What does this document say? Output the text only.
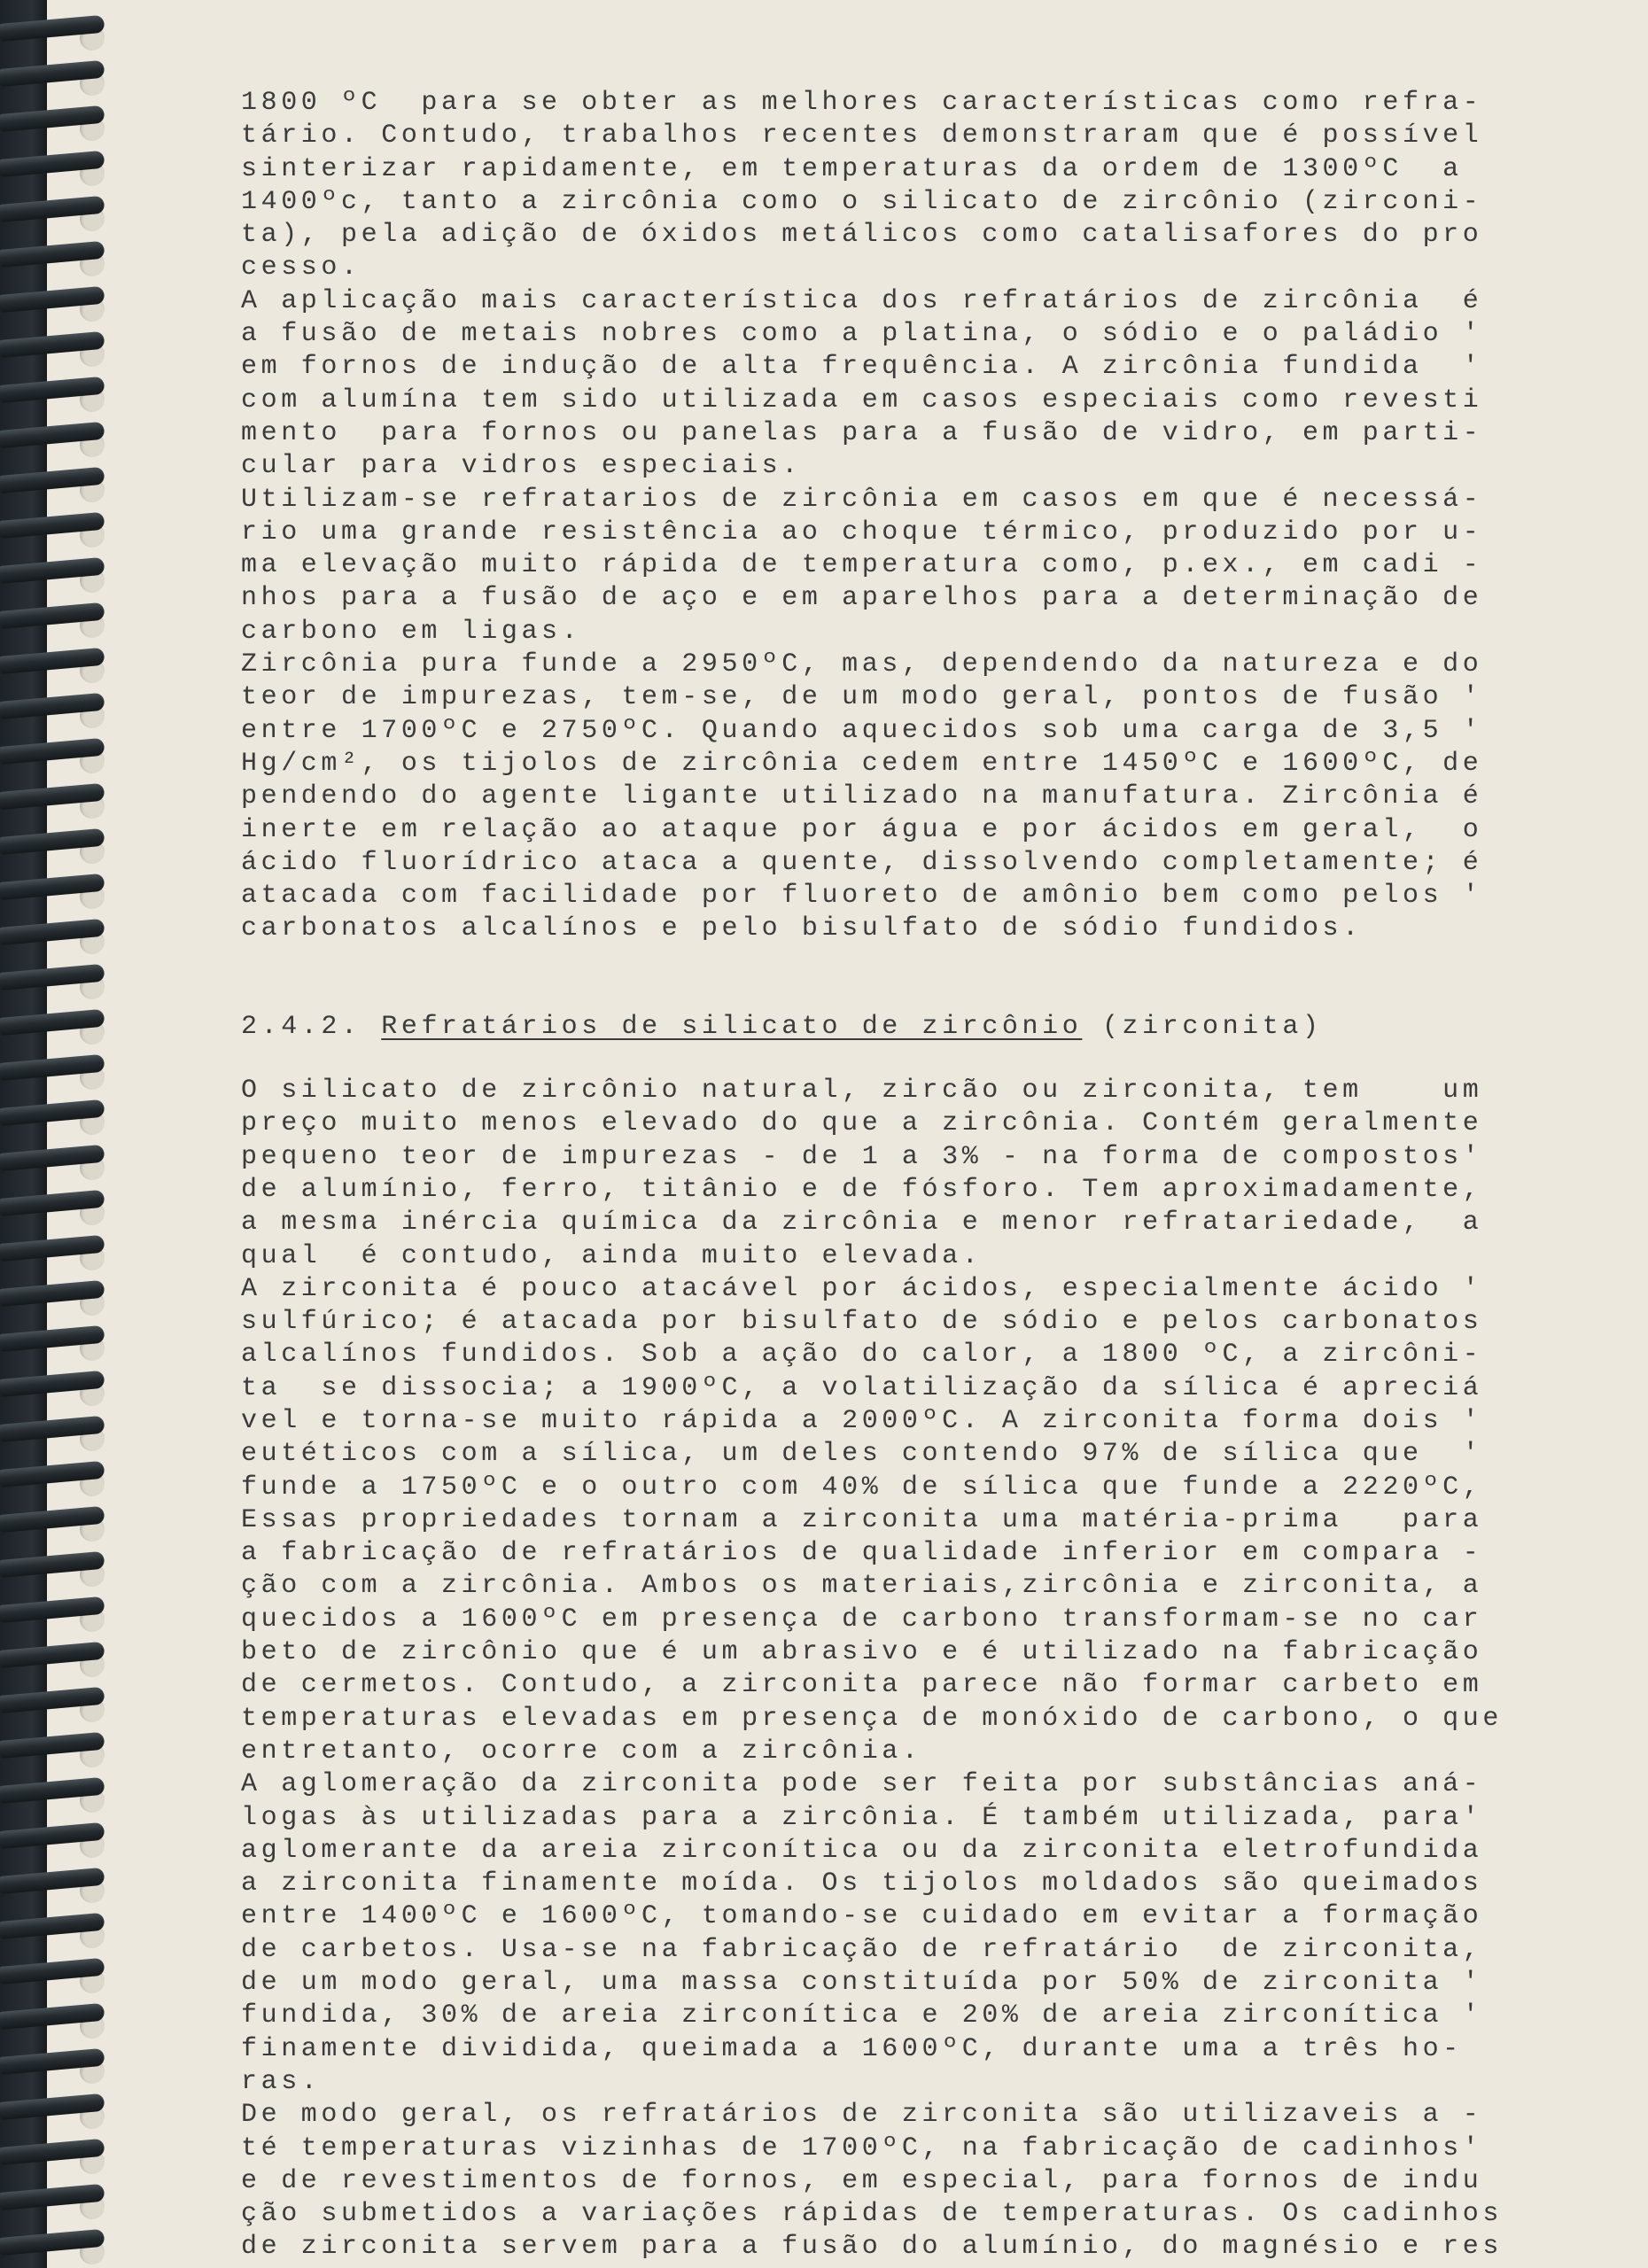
1800 ºC  para se obter as melhores características como refra-
tário. Contudo, trabalhos recentes demonstraram que é possível
sinterizar rapidamente, em temperaturas da ordem de 1300ºC  a
1400ºc, tanto a zircônia como o silicato de zircônio (zirconi-
ta), pela adição de óxidos metálicos como catalisafores do pro
cesso.
A aplicação mais característica dos refratários de zircônia  é
a fusão de metais nobres como a platina, o sódio e o paládio '
em fornos de indução de alta frequência. A zircônia fundida  '
com alumína tem sido utilizada em casos especiais como revesti
mento  para fornos ou panelas para a fusão de vidro, em parti-
cular para vidros especiais.
Utilizam-se refratarios de zircônia em casos em que é necessá-
rio uma grande resistência ao choque térmico, produzido por u-
ma elevação muito rápida de temperatura como, p.ex., em cadi -
nhos para a fusão de aço e em aparelhos para a determinação de
carbono em ligas.
Zircônia pura funde a 2950ºC, mas, dependendo da natureza e do
teor de impurezas, tem-se, de um modo geral, pontos de fusão '
entre 1700ºC e 2750ºC. Quando aquecidos sob uma carga de 3,5 '
Hg/cm², os tijolos de zircônia cedem entre 1450ºC e 1600ºC, de
pendendo do agente ligante utilizado na manufatura. Zircônia é
inerte em relação ao ataque por água e por ácidos em geral,  o
ácido fluorídrico ataca a quente, dissolvendo completamente; é
atacada com facilidade por fluoreto de amônio bem como pelos '
carbonatos alcalínos e pelo bisulfato de sódio fundidos.
2.4.2. Refratários de silicato de zircônio (zirconita)
O silicato de zircônio natural, zircão ou zirconita, tem    um
preço muito menos elevado do que a zircônia. Contém geralmente
pequeno teor de impurezas - de 1 a 3% - na forma de compostos'
de alumínio, ferro, titânio e de fósforo. Tem aproximadamente,
a mesma inércia química da zircônia e menor refratariedade,  a
qual  é contudo, ainda muito elevada.
A zirconita é pouco atacável por ácidos, especialmente ácido '
sulfúrico; é atacada por bisulfato de sódio e pelos carbonatos
alcalínos fundidos. Sob a ação do calor, a 1800 ºC, a zircôni-
ta  se dissocia; a 1900ºC, a volatilização da sílica é apreciá
vel e torna-se muito rápida a 2000ºC. A zirconita forma dois '
eutéticos com a sílica, um deles contendo 97% de sílica que  '
funde a 1750ºC e o outro com 40% de sílica que funde a 2220ºC,
Essas propriedades tornam a zirconita uma matéria-prima   para
a fabricação de refratários de qualidade inferior em compara -
ção com a zircônia. Ambos os materiais,zircônia e zirconita, a
quecidos a 1600ºC em presença de carbono transformam-se no car
beto de zircônio que é um abrasivo e é utilizado na fabricação
de cermetos. Contudo, a zirconita parece não formar carbeto em
temperaturas elevadas em presença de monóxido de carbono, o que
entretanto, ocorre com a zircônia.
A aglomeração da zirconita pode ser feita por substâncias aná-
logas às utilizadas para a zircônia. É também utilizada, para'
aglomerante da areia zirconítica ou da zirconita eletrofundida
a zirconita finamente moída. Os tijolos moldados são queimados
entre 1400ºC e 1600ºC, tomando-se cuidado em evitar a formação
de carbetos. Usa-se na fabricação de refratário  de zirconita,
de um modo geral, uma massa constituída por 50% de zirconita '
fundida, 30% de areia zirconítica e 20% de areia zirconítica '
finamente dividida, queimada a 1600ºC, durante uma a três ho-
ras.
De modo geral, os refratários de zirconita são utilizaveis a -
té temperaturas vizinhas de 1700ºC, na fabricação de cadinhos'
e de revestimentos de fornos, em especial, para fornos de indu
ção submetidos a variações rápidas de temperaturas. Os cadinhos
de zirconita servem para a fusão do alumínio, do magnésio e res
